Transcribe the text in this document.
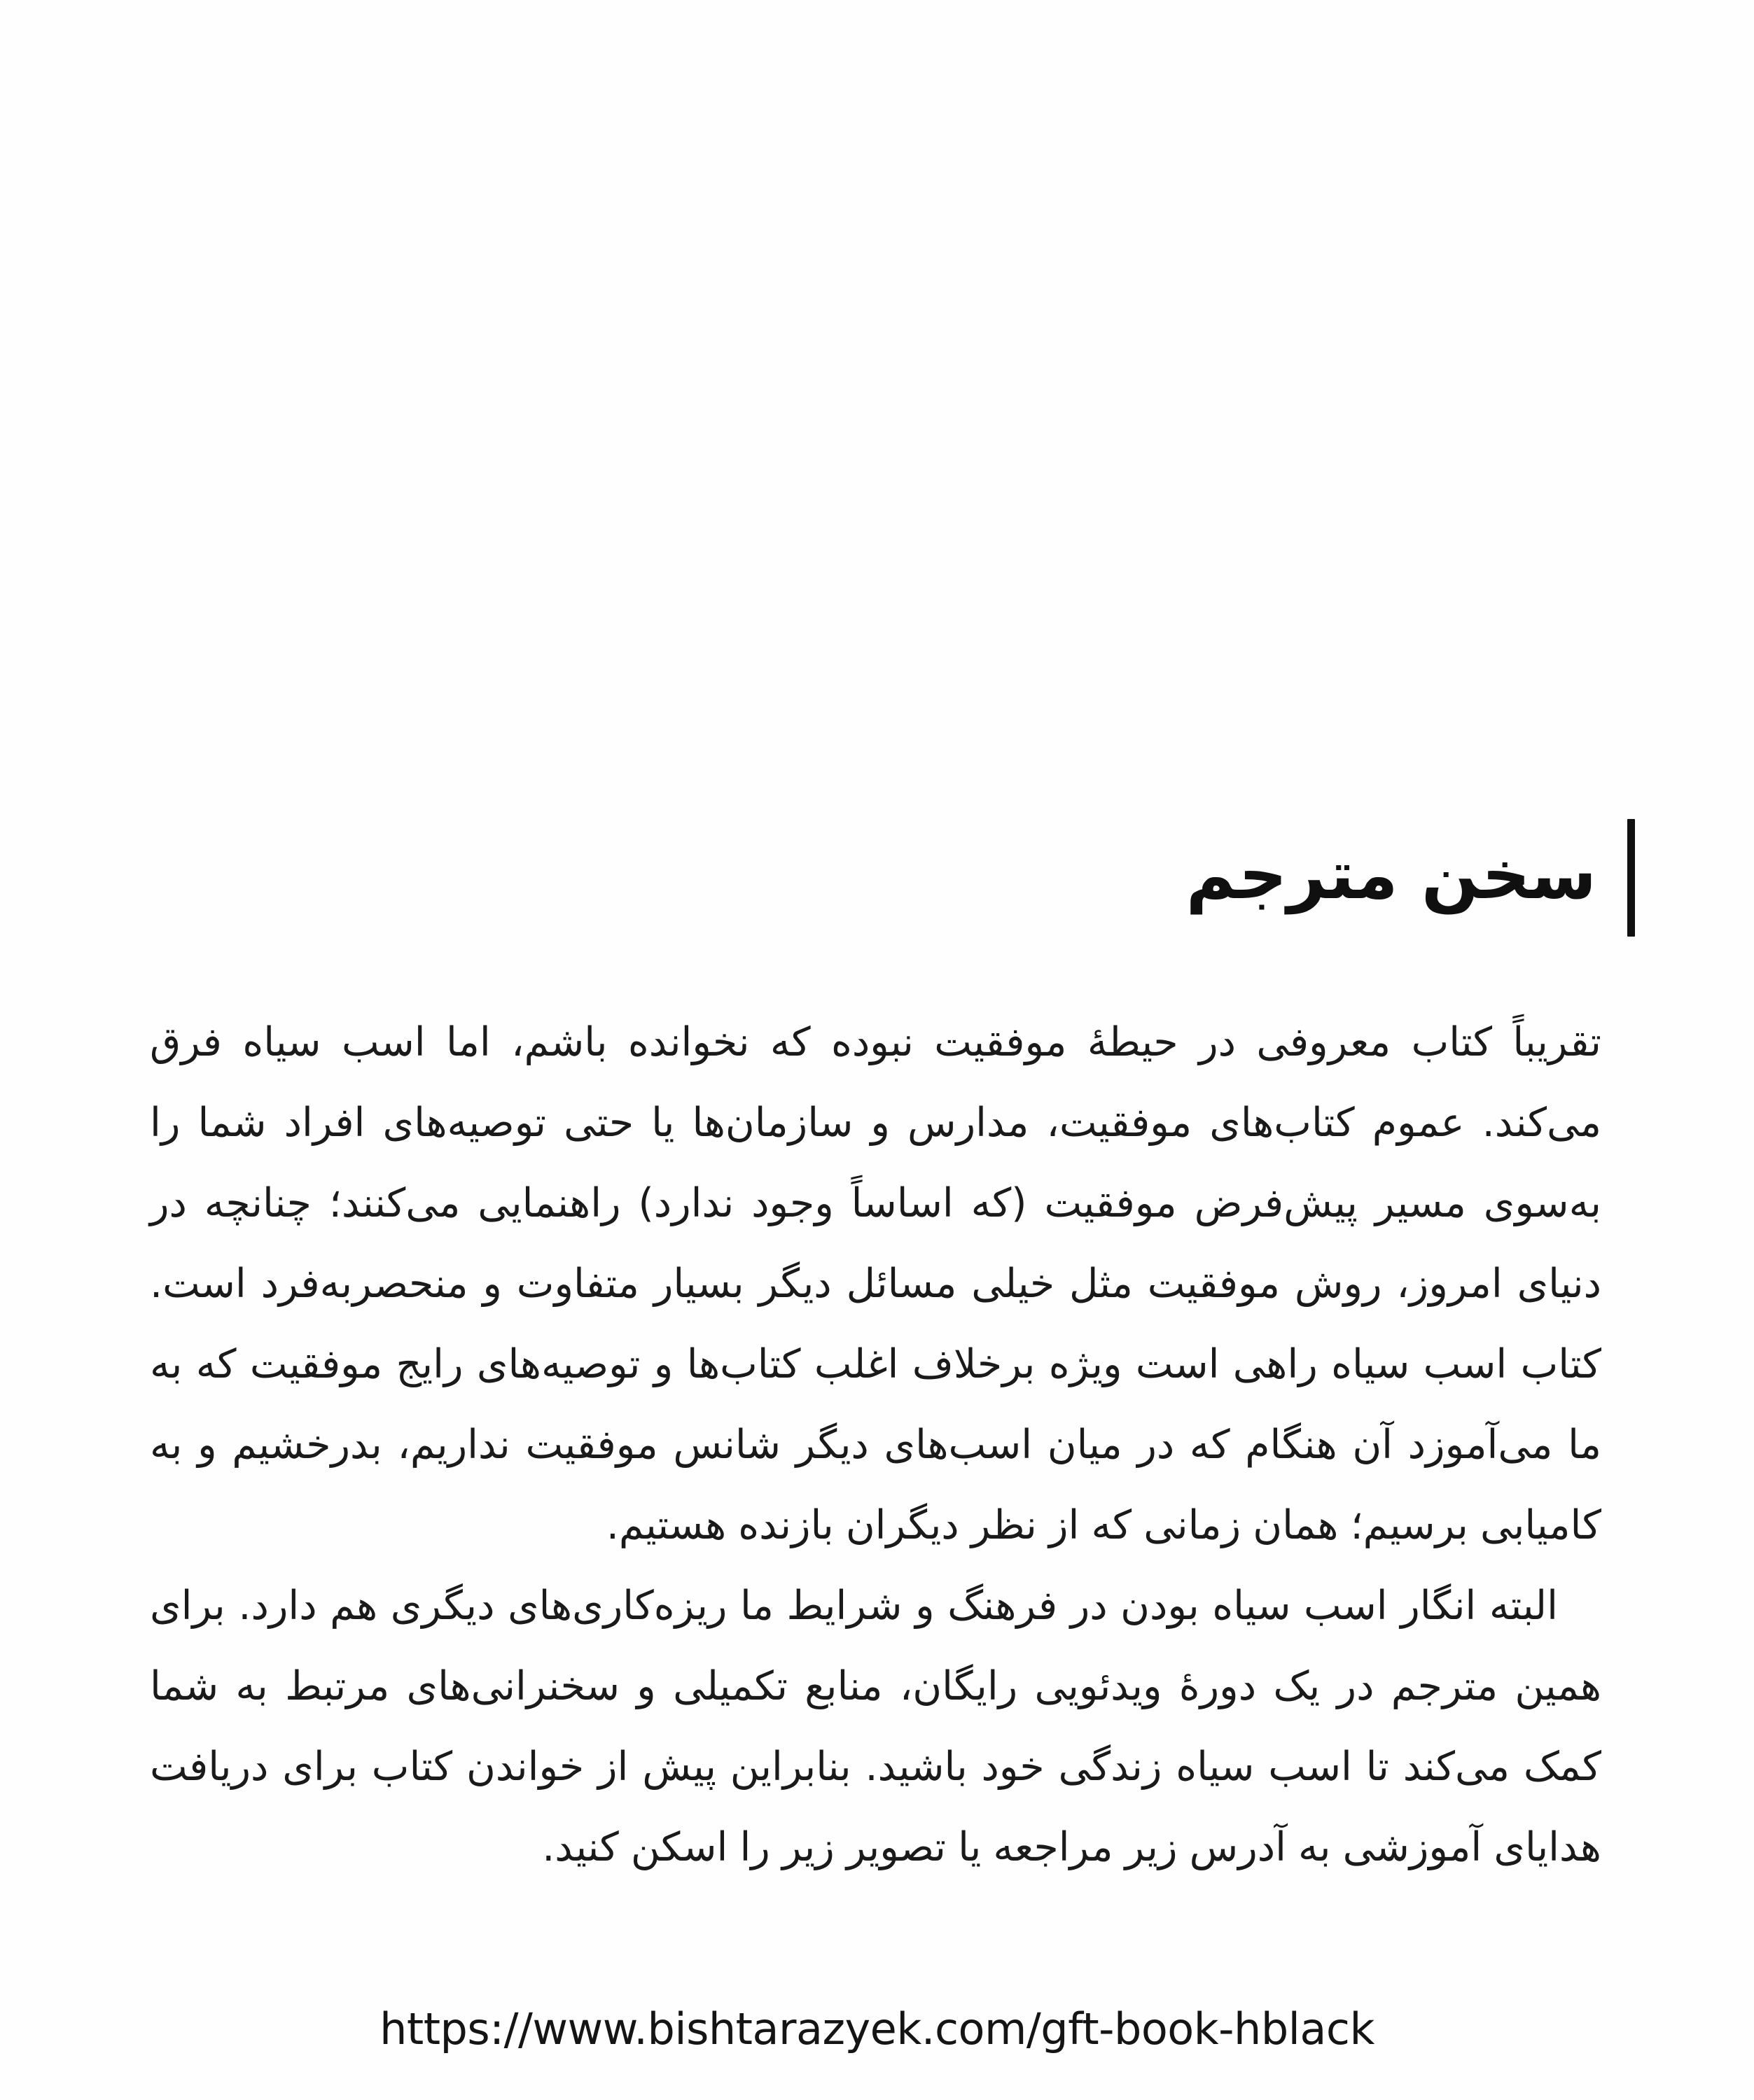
سخن مترجم

تقریباً کتاب معروفی در حیطهٔ موفقیت نبوده که نخوانده باشم، اما اسب سیاه فرق می‌کند. عموم کتاب‌های موفقیت، مدارس و سازمان‌ها یا حتی توصیه‌های افراد شما را به‌سوی مسیر پیش‌فرض موفقیت (که اساساً وجود ندارد) راهنمایی می‌کنند؛ چنانچه در دنیای امروز، روش موفقیت مثل خیلی مسائل دیگر بسیار متفاوت و منحصربه‌فرد است. کتاب اسب سیاه راهی است ویژه برخلاف اغلب کتاب‌ها و توصیه‌های رایج موفقیت که به ما می‌آموزد آن هنگام که در میان اسب‌های دیگر شانس موفقیت نداریم، بدرخشیم و به کامیابی برسیم؛ همان زمانی که از نظر دیگران بازنده هستیم.

البته انگار اسب سیاه بودن در فرهنگ و شرایط ما ریزه‌کاری‌های دیگری هم دارد. برای همین مترجم در یک دورهٔ ویدئویی رایگان، منابع تکمیلی و سخنرانی‌های مرتبط به شما کمک می‌کند تا اسب سیاه زندگی خود باشید. بنابراین پیش از خواندن کتاب برای دریافت هدایای آموزشی به آدرس زیر مراجعه یا تصویر زیر را اسکن کنید.

https://www.bishtarazyek.com/gft-book-hblack
